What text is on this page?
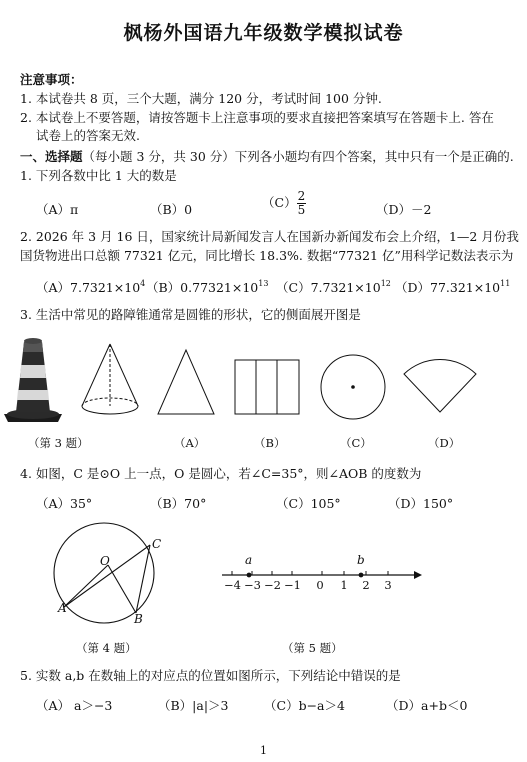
枫杨外国语九年级数学模拟试卷
注意事项：
1. 本试卷共 8 页，三个大题，满分 120 分，考试时间 100 分钟.
2. 本试卷上不要答题，请按答题卡上注意事项的要求直接把答案填写在答题卡上. 答在
试卷上的答案无效.
一、选择题（每小题 3 分，共 30 分）下列各小题均有四个答案，其中只有一个是正确的.
1. 下列各数中比 1 大的数是
（A）π	（B）0	$(C) \frac{2}{5}$	（D）－2
2. 2026 年 3 月 16 日，国家统计局新闻发言人在国新办新闻发布会上介绍，1—2 月份我
国货物进出口总额 77321 亿元，同比增长 18.3%. 数据“77321 亿”用科学记数法表示为
$(A)7.7321\times 10^4$ $(B)0.77321\times 10^{13}$ $(C)7.7321\times 10^{12}$ $(D)77.321\times 10^{11}$
3. 生活中常见的路障锥通常是圆锥的形状，它的侧面展开图是
（第 3 题）	（A）	（B）	（C）	（D）
4. 如图，C 是⊙O 上一点，O 是圆心，若∠C=35°，则∠AOB 的度数为
（A）35°	（B）70°	（C）105°	（D）150°
O
C
A
B
（第 4 题）
a	b
−4 −3 −2 −1 0 1 2 3
（第 5 题）
5. 实数 a,b 在数轴上的对应点的位置如图所示，下列结论中错误的是
（A） a＞−3	（B）|a|＞3	（C）b−a＞4	（D）a+b＜0
1
